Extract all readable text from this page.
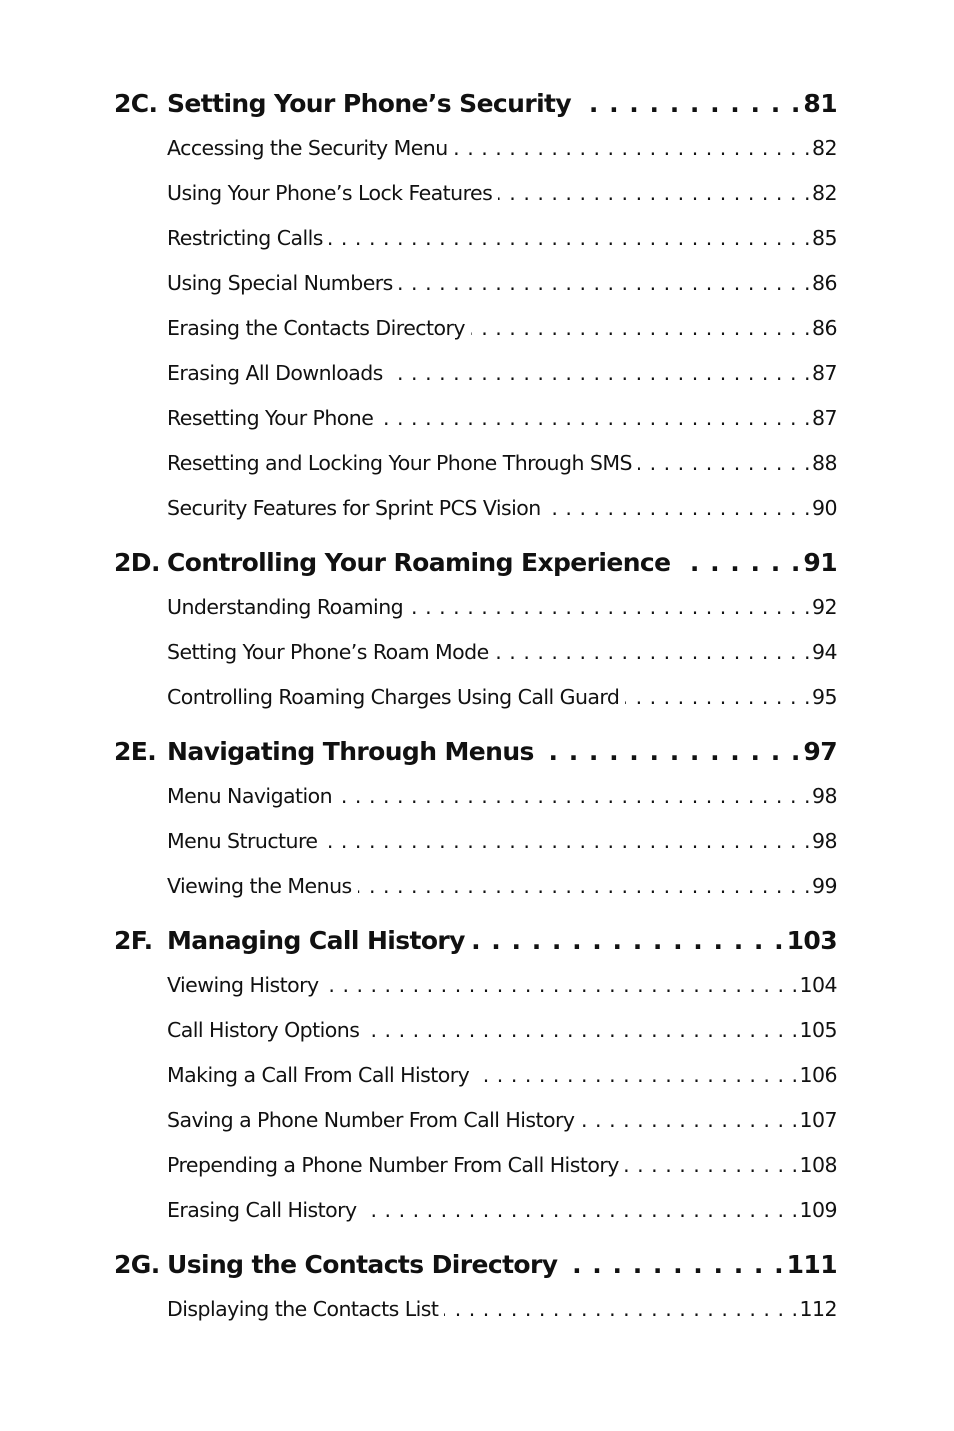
2C. Setting Your Phone’s Security . . .	81
Accessing the Security Menu . . .	82
Using Your Phone’s Lock Features . . .	82
Restricting Calls . . .	85
Using Special Numbers . . .	86
Erasing the Contacts Directory . . .	86
Erasing All Downloads . . .	87
Resetting Your Phone . . .	87
Resetting and Locking Your Phone Through SMS . . .	88
Security Features for Sprint PCS Vision . . .	90
2D. Controlling Your Roaming Experience . . .	91
Understanding Roaming . . .	92
Setting Your Phone’s Roam Mode . . .	94
Controlling Roaming Charges Using Call Guard . . .	95
2E. Navigating Through Menus . . .	97
Menu Navigation . . .	98
Menu Structure . . .	98
Viewing the Menus . . .	99
2F. Managing Call History . . .	103
Viewing History . . .	104
Call History Options . . .	105
Making a Call From Call History . . .	106
Saving a Phone Number From Call History . . .	107
Prepending a Phone Number From Call History . . .	108
Erasing Call History . . .	109
2G. Using the Contacts Directory . . .	111
Displaying the Contacts List . . .	112
